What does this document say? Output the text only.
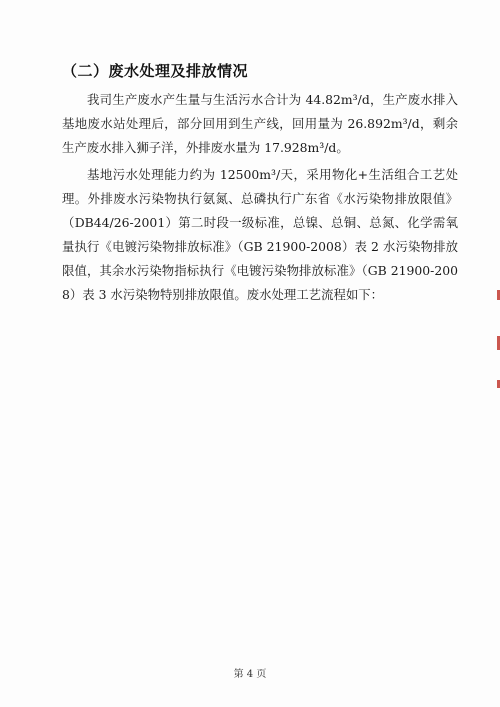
（二）废水处理及排放情况
我司生产废水产生量与生活污水合计为 44.82m³/d，生产废水排入基地废水站处理后，部分回用到生产线，回用量为 26.892m³/d，剩余生产废水排入狮子洋，外排废水量为 17.928m³/d。
基地污水处理能力约为 12500m³/天，采用物化+生活组合工艺处理。外排废水污染物执行氨氮、总磷执行广东省《水污染物排放限值》（DB44/26-2001）第二时段一级标准，总镍、总铜、总氮、化学需氧量执行《电镀污染物排放标准》（GB 21900-2008）表 2 水污染物排放限值，其余水污染物指标执行《电镀污染物排放标准》（GB 21900-2008）表 3 水污染物特别排放限值。废水处理工艺流程如下：
第 4 页
